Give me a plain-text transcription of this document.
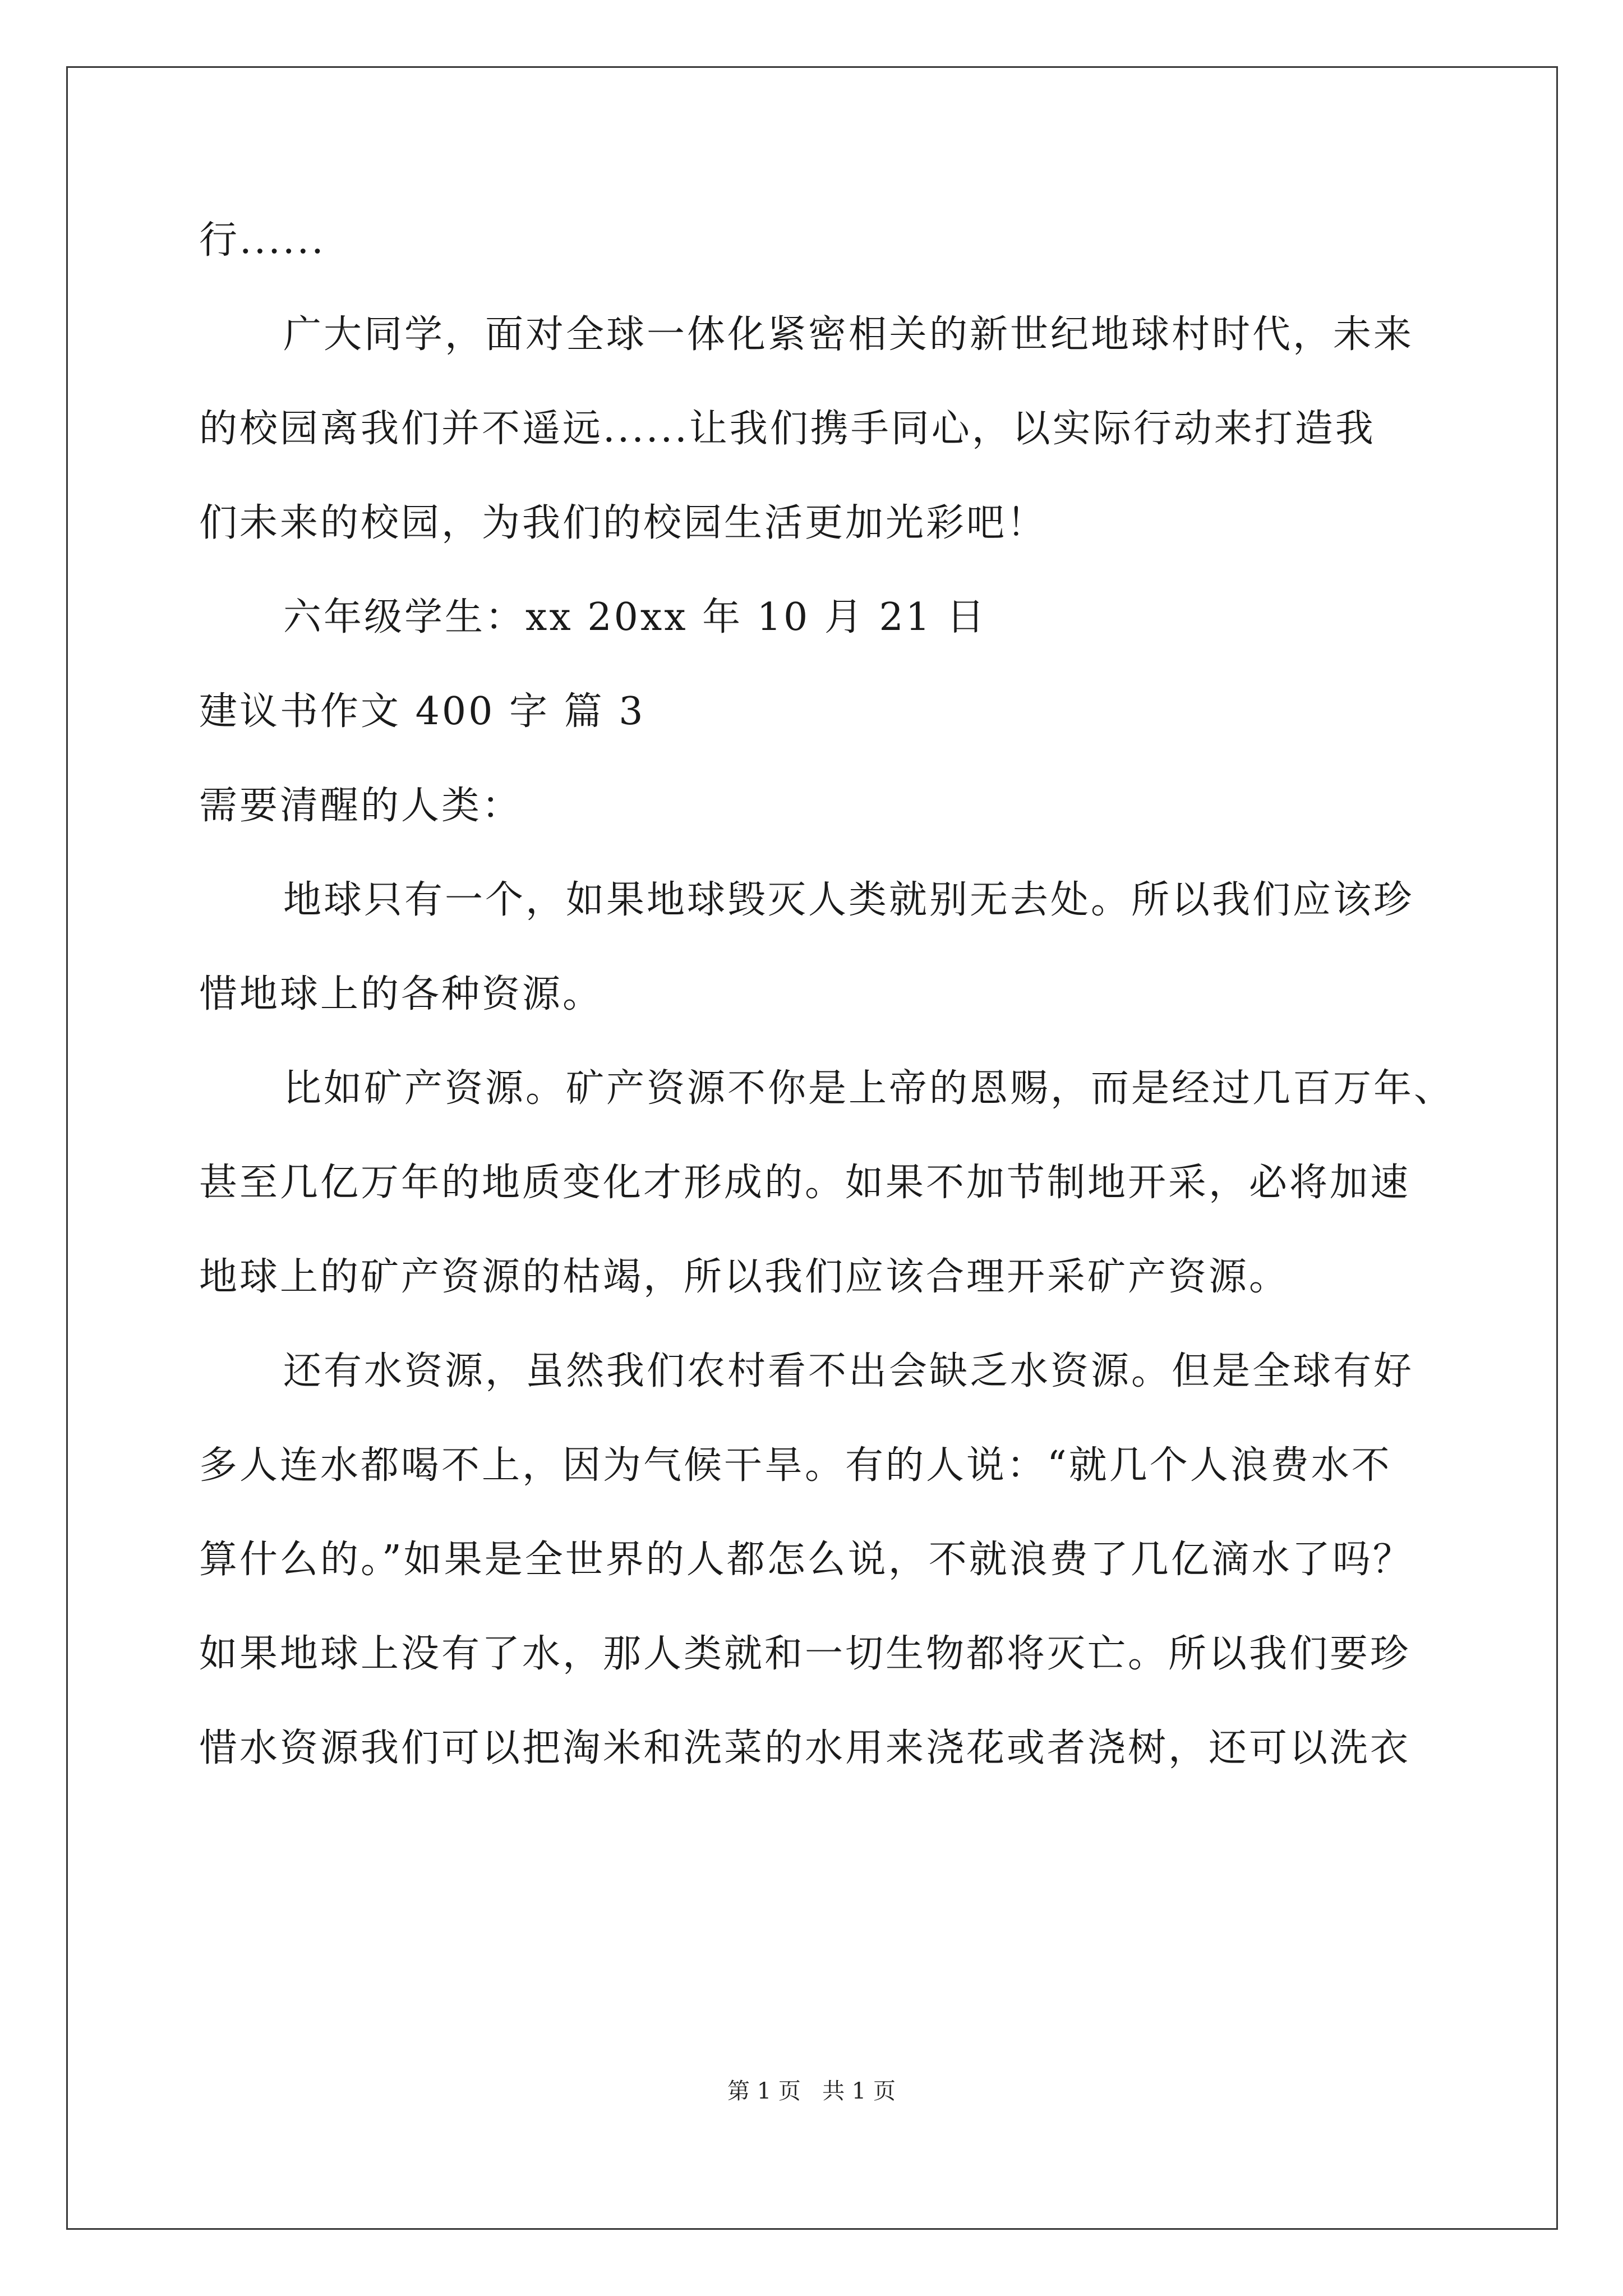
行......
广大同学，面对全球一体化紧密相关的新世纪地球村时代，未来
的校园离我们并不遥远......让我们携手同心，以实际行动来打造我
们未来的校园，为我们的校园生活更加光彩吧！
六年级学生：xx 20xx 年 10 月 21 日
建议书作文 400 字 篇 3
需要清醒的人类：
地球只有一个，如果地球毁灭人类就别无去处。所以我们应该珍
惜地球上的各种资源。
比如矿产资源。矿产资源不你是上帝的恩赐，而是经过几百万年、
甚至几亿万年的地质变化才形成的。如果不加节制地开采，必将加速
地球上的矿产资源的枯竭，所以我们应该合理开采矿产资源。
还有水资源，虽然我们农村看不出会缺乏水资源。但是全球有好
多人连水都喝不上，因为气候干旱。有的人说：“就几个人浪费水不
算什么的。”如果是全世界的人都怎么说，不就浪费了几亿滴水了吗？
如果地球上没有了水，那人类就和一切生物都将灭亡。所以我们要珍
惜水资源我们可以把淘米和洗菜的水用来浇花或者浇树，还可以洗衣
第 1 页   共 1 页
